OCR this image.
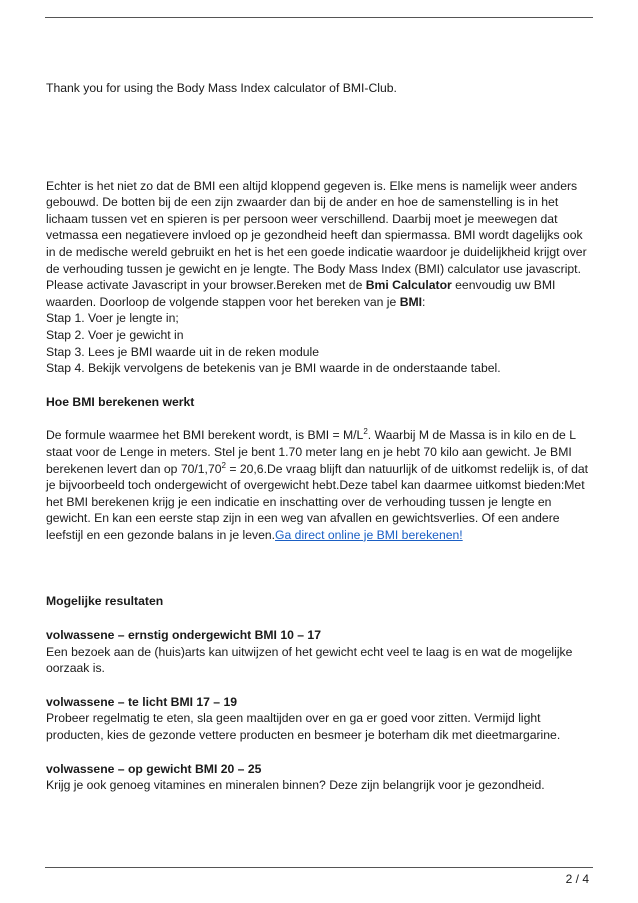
Thank you for using the Body Mass Index calculator of BMI-Club.

Echter is het niet zo dat de BMI een altijd kloppend gegeven is. Elke mens is namelijk weer anders gebouwd. De botten bij de een zijn zwaarder dan bij de ander en hoe de samenstelling is in het lichaam tussen vet en spieren is per persoon weer verschillend. Daarbij moet je meewegen dat vetmassa een negatievere invloed op je gezondheid heeft dan spiermassa. BMI wordt dagelijks ook in de medische wereld gebruikt en het is het een goede indicatie waardoor je duidelijkheid krijgt over de verhouding tussen je gewicht en je lengte. The Body Mass Index (BMI) calculator use javascript. Please activate Javascript in your browser.Bereken met de Bmi Calculator eenvoudig uw BMI waarden. Doorloop de volgende stappen voor het bereken van je BMI:

Stap 1. Voer je lengte in;

Stap 2. Voer je gewicht in

Stap 3. Lees je BMI waarde uit in de reken module

Stap 4. Bekijk vervolgens de betekenis van je BMI waarde in de onderstaande tabel.

Hoe BMI berekenen werkt

De formule waarmee het BMI berekent wordt, is BMI = $M/L^2$. Waarbij M de Massa is in kilo en de L staat voor de Lenge in meters. Stel je bent 1.70 meter lang en je hebt 70 kilo aan gewicht. Je BMI berekenen levert dan op $70/1,70^2 = 20,6.De$ vraag blijft dan natuurlijk of de uitkomst redelijk is, of dat je bijvoorbeeld toch ondergewicht of overgewicht hebt.Deze tabel kan daarmee uitkomst bieden:Met het BMI berekenen krijg je een indicatie en inschatting over de verhouding tussen je lengte en gewicht. En kan een eerste stap zijn in een weg van afvallen en gewichtsverlies. Of een andere leefstijl en een gezonde balans in je leven.Ga direct online je BMI berekenen!

Mogelijke resultaten

volwassene – ernstig ondergewicht BMI 10 – 17

Een bezoek aan de (huis)arts kan uitwijzen of het gewicht echt veel te laag is en wat de mogelijke oorzaak is.

volwassene – te licht BMI 17 – 19

Probeer regelmatig te eten, sla geen maaltijden over en ga er goed voor zitten. Vermijd light producten, kies de gezonde vettere producten en besmeer je boterham dik met dieetmargarine.

volwassene – op gewicht BMI 20 – 25

Krijg je ook genoeg vitamines en mineralen binnen? Deze zijn belangrijk voor je gezondheid.

2 / 4
